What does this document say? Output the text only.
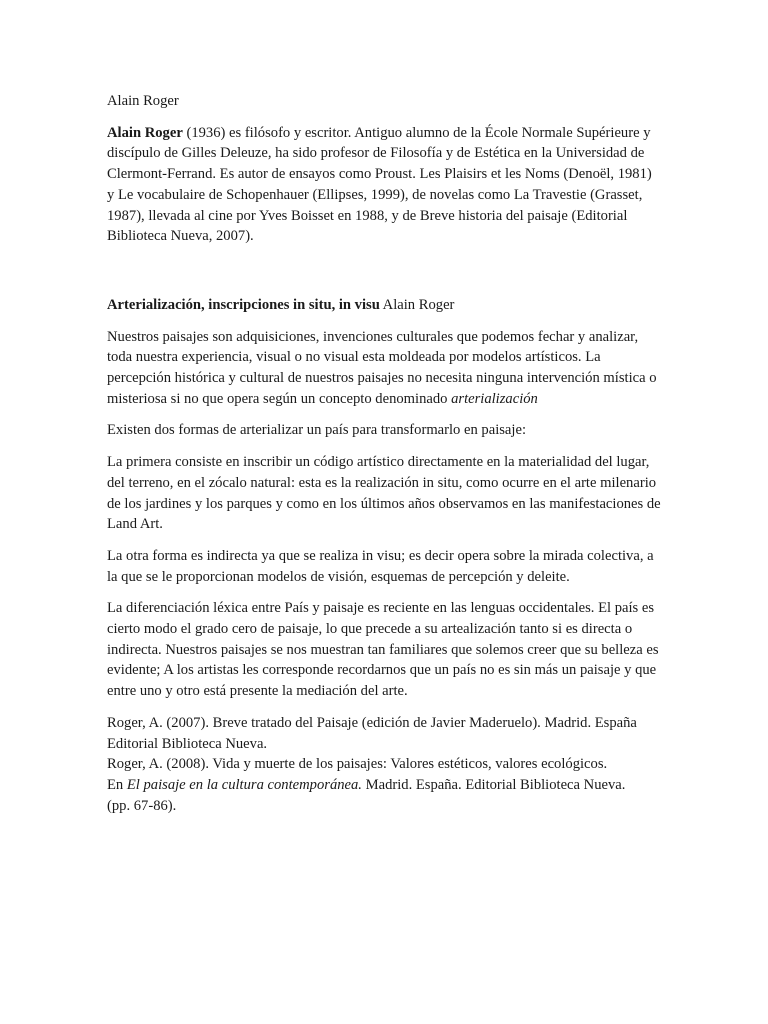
Alain Roger

Alain Roger (1936) es filósofo y escritor. Antiguo alumno de la École Normale Supérieure y discípulo de Gilles Deleuze, ha sido profesor de Filosofía y de Estética en la Universidad de Clermont-Ferrand. Es autor de ensayos como Proust. Les Plaisirs et les Noms (Denoël, 1981) y Le vocabulaire de Schopenhauer (Ellipses, 1999), de novelas como La Travestie (Grasset, 1987), llevada al cine por Yves Boisset en 1988, y de Breve historia del paisaje (Editorial Biblioteca Nueva, 2007).

Arterialización, inscripciones in situ, in visu Alain Roger

Nuestros paisajes son adquisiciones, invenciones culturales que podemos fechar y analizar, toda nuestra experiencia, visual o no visual esta moldeada por modelos artísticos. La percepción histórica y cultural de nuestros paisajes no necesita ninguna intervención mística o misteriosa si no que opera según un concepto denominado arterialización

Existen dos formas de arterializar un país para transformarlo en paisaje:

La primera consiste en inscribir un código artístico directamente en la materialidad del lugar, del terreno, en el zócalo natural: esta es la realización in situ, como ocurre en el arte milenario de los jardines y los parques y como en los últimos años observamos en las manifestaciones de Land Art.

La otra forma es indirecta ya que se realiza in visu; es decir opera sobre la mirada colectiva, a la que se le proporcionan modelos de visión, esquemas de percepción y deleite.

La diferenciación léxica entre País y paisaje es reciente en las lenguas occidentales. El país es cierto modo el grado cero de paisaje, lo que precede a su artealización tanto si es directa o indirecta. Nuestros paisajes se nos muestran tan familiares que solemos creer que su belleza es evidente; A los artistas les corresponde recordarnos que un país no es sin más un paisaje y que entre uno y otro está presente la mediación del arte.

Roger, A. (2007). Breve tratado del Paisaje (edición de Javier Maderuelo). Madrid. España Editorial Biblioteca Nueva.

Roger, A. (2008). Vida y muerte de los paisajes: Valores estéticos, valores ecológicos.

En El paisaje en la cultura contemporánea. Madrid. España. Editorial Biblioteca Nueva.

(pp. 67-86).
